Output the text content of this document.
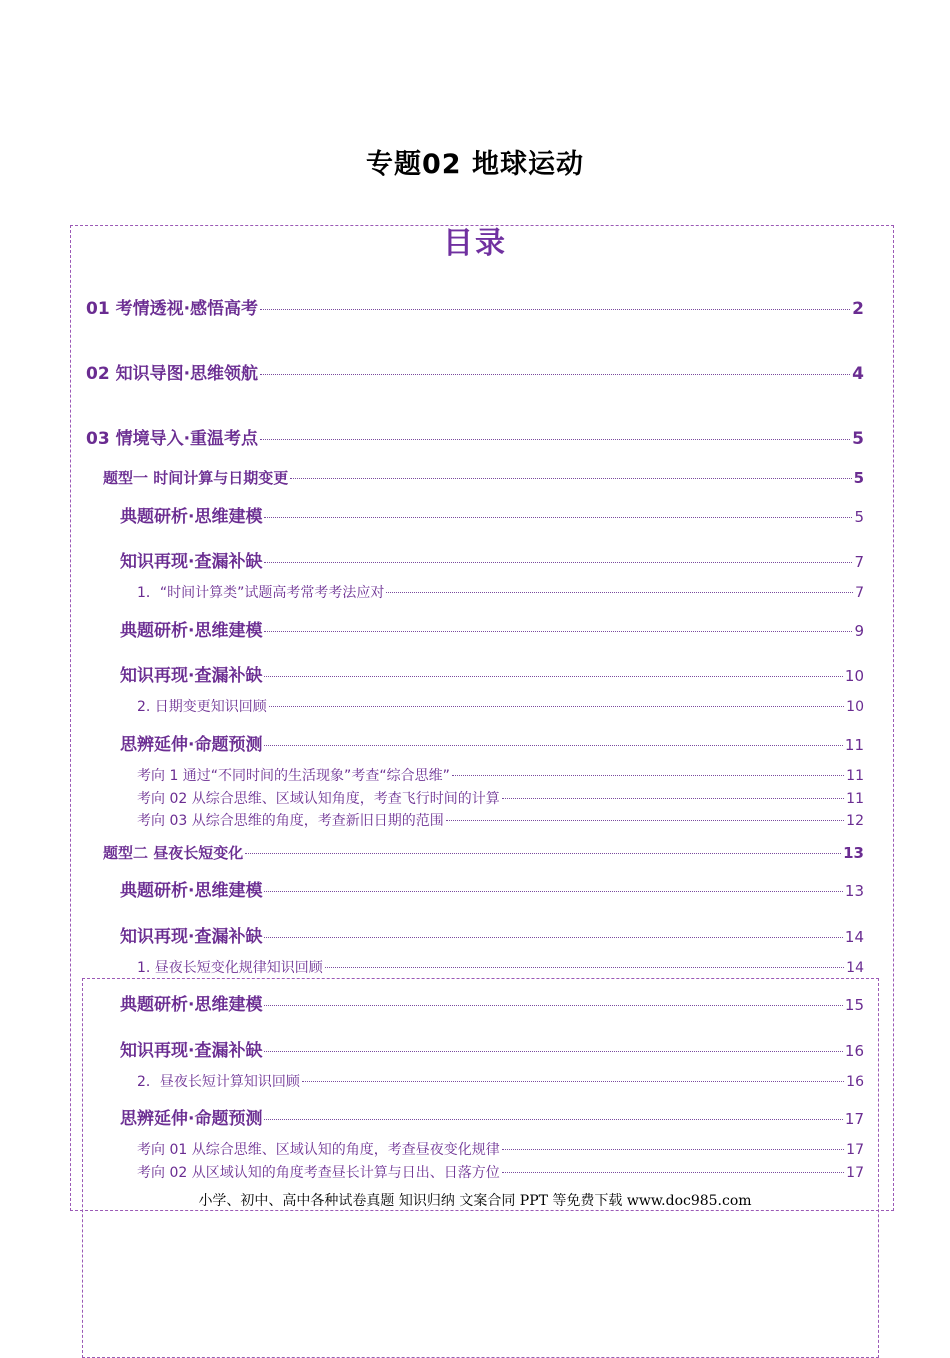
专题02 地球运动
目录
01 考情透视·感悟高考	2
02 知识导图·思维领航	4
03 情境导入·重温考点	5
题型一 时间计算与日期变更	5
典题研析·思维建模	5
知识再现·查漏补缺	7
1．“时间计算类”试题高考常考考法应对	7
典题研析·思维建模	9
知识再现·查漏补缺	10
2. 日期变更知识回顾	10
思辨延伸·命题预测	11
考向 1 通过“不同时间的生活现象”考查“综合思维”	11
考向 02 从综合思维、区域认知角度，考查飞行时间的计算	11
考向 03 从综合思维的角度，考查新旧日期的范围	12
题型二 昼夜长短变化	13
典题研析·思维建模	13
知识再现·查漏补缺	14
1. 昼夜长短变化规律知识回顾	14
典题研析·思维建模	15
知识再现·查漏补缺	16
2．昼夜长短计算知识回顾	16
思辨延伸·命题预测	17
考向 01 从综合思维、区域认知的角度，考查昼夜变化规律	17
考向 02 从区域认知的角度考查昼长计算与日出、日落方位	17
小学、初中、高中各种试卷真题 知识归纳 文案合同 PPT 等免费下载 www.doc985.com
